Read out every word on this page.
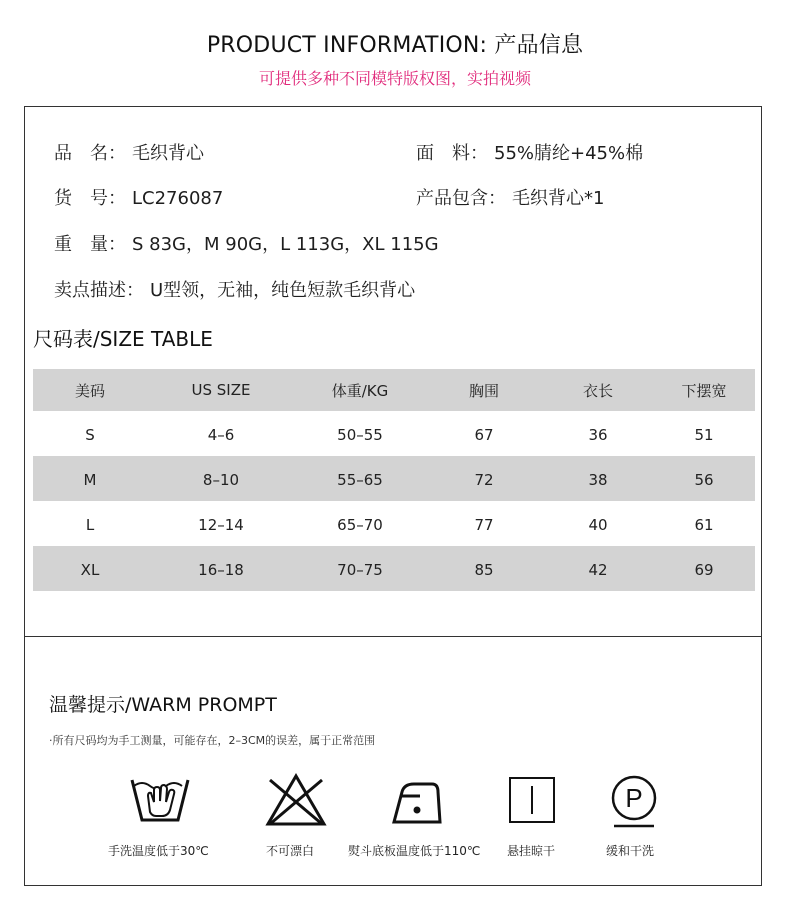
PRODUCT INFORMATION: 产品信息
可提供多种不同模特版权图，实拍视频
品　名： 毛织背心	面　料： 55%腈纶+45%棉
货　号： LC276087	产品包含： 毛织背心*1
重　量： S 83G，M 90G，L 113G，XL 115G
卖点描述： U型领，无袖，纯色短款毛织背心
尺码表/SIZE TABLE
美码	US SIZE	体重/KG	胸围	衣长	下摆宽
S	4–6	50–55	67	36	51
M	8–10	55–65	72	38	56
L	12–14	65–70	77	40	61
XL	16–18	70–75	85	42	69
温馨提示/WARM PROMPT
·所有尺码均为手工测量，可能存在，2–3CM的误差，属于正常范围
P
手洗温度低于30℃	不可漂白	熨斗底板温度低于110℃ 悬挂晾干	缓和干洗
